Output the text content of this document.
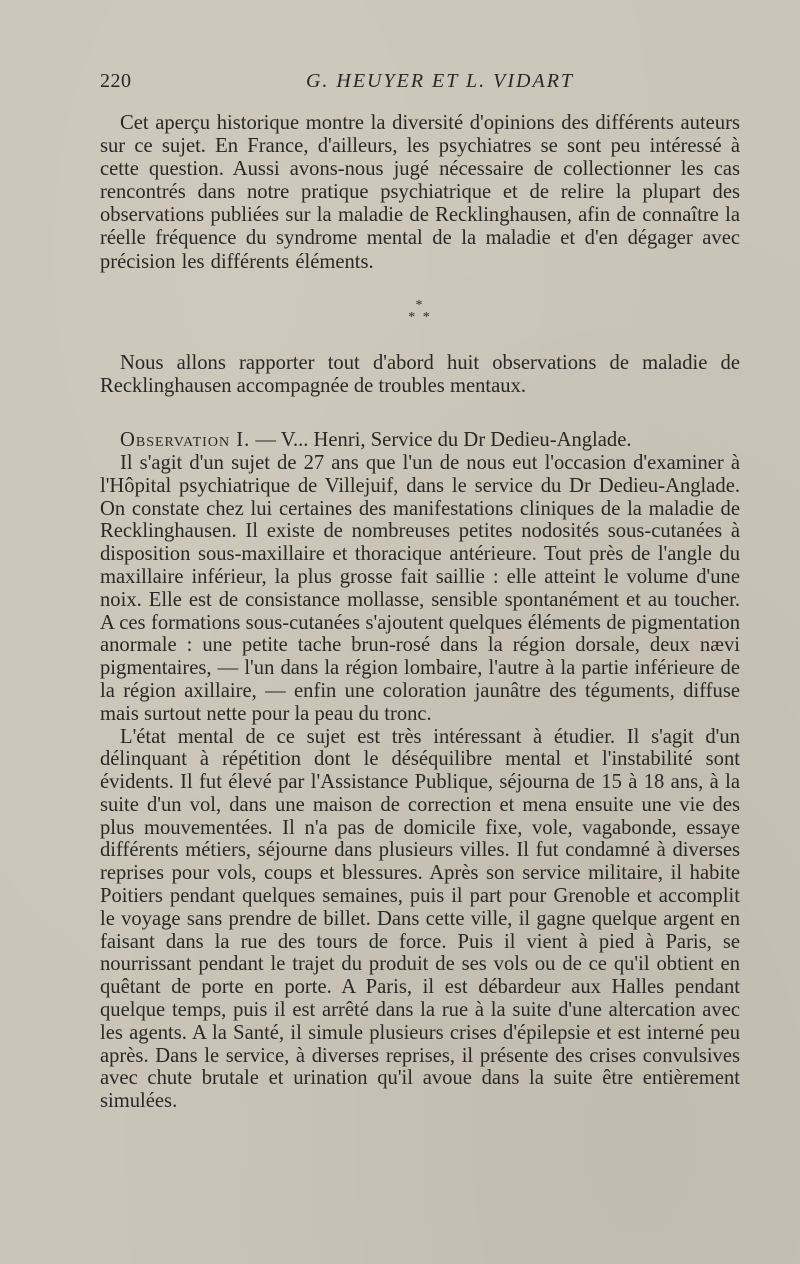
220	G. HEUYER ET L. VIDART

Cet aperçu historique montre la diversité d'opinions des différents auteurs sur ce sujet. En France, d'ailleurs, les psychiatres se sont peu intéressé à cette question. Aussi avons-nous jugé nécessaire de collectionner les cas rencontrés dans notre pratique psychiatrique et de relire la plupart des observations publiées sur la maladie de Recklinghausen, afin de connaître la réelle fréquence du syndrome mental de la maladie et d'en dégager avec précision les différents éléments.

*
* *

Nous allons rapporter tout d'abord huit observations de maladie de Recklinghausen accompagnée de troubles mentaux.

Observation I. — V... Henri, Service du Dr Dedieu-Anglade.

Il s'agit d'un sujet de 27 ans que l'un de nous eut l'occasion d'examiner à l'Hôpital psychiatrique de Villejuif, dans le service du Dr Dedieu-Anglade. On constate chez lui certaines des manifestations cliniques de la maladie de Recklinghausen. Il existe de nombreuses petites nodosités sous-cutanées à disposition sous-maxillaire et thoracique antérieure. Tout près de l'angle du maxillaire inférieur, la plus grosse fait saillie : elle atteint le volume d'une noix. Elle est de consistance mollasse, sensible spontanément et au toucher. A ces formations sous-cutanées s'ajoutent quelques éléments de pigmentation anormale : une petite tache brun-rosé dans la région dorsale, deux nævi pigmentaires, — l'un dans la région lombaire, l'autre à la partie inférieure de la région axillaire, — enfin une coloration jaunâtre des téguments, diffuse mais surtout nette pour la peau du tronc.

L'état mental de ce sujet est très intéressant à étudier. Il s'agit d'un délinquant à répétition dont le déséquilibre mental et l'instabilité sont évidents. Il fut élevé par l'Assistance Publique, séjourna de 15 à 18 ans, à la suite d'un vol, dans une maison de correction et mena ensuite une vie des plus mouvementées. Il n'a pas de domicile fixe, vole, vagabonde, essaye différents métiers, séjourne dans plusieurs villes. Il fut condamné à diverses reprises pour vols, coups et blessures. Après son service militaire, il habite Poitiers pendant quelques semaines, puis il part pour Grenoble et accomplit le voyage sans prendre de billet. Dans cette ville, il gagne quelque argent en faisant dans la rue des tours de force. Puis il vient à pied à Paris, se nourrissant pendant le trajet du produit de ses vols ou de ce qu'il obtient en quêtant de porte en porte. A Paris, il est débardeur aux Halles pendant quelque temps, puis il est arrêté dans la rue à la suite d'une altercation avec les agents. A la Santé, il simule plusieurs crises d'épilepsie et est interné peu après. Dans le service, à diverses reprises, il présente des crises convulsives avec chute brutale et urination qu'il avoue dans la suite être entièrement simulées.
